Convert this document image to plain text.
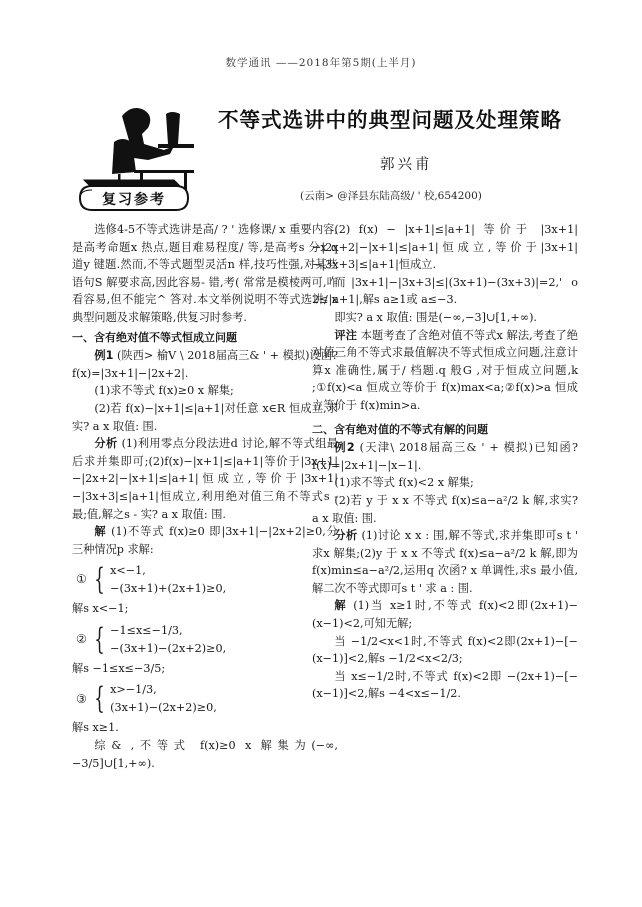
数学通讯 ——2018年第5期(上半月)
复习参考
不等式选讲中的典型问题及处理策略
郭兴甫
(云南> @泽县东陆高级/ ' 校,654200)

选修4-5不等式选讲是高/ ? ' 选修课/ x 重要内容,是高考命题x 热点,题目难易程度/ 等,是高考s 分x q 道y 键题.然而,不等式题型灵活n 样,技巧性强,对某些语句S 解要求高,因此容易- 错,考( 常常是模棱两可,咋看容易,但不能完^ 答对.本文举例说明不等式选讲/ x 典型问题及求解策略,供复习时参考.

一、含有绝对值不等式恒成立问题

例1 (陕西> 榆V \ 2018届高三& ' + 模拟)设函? f(x)=|3x+1|−|2x+2|.

(1)求不等式 f(x)≥0 x 解集;

(2)若 f(x)−|x+1|≤|a+1|对任意 x∈R 恒成立,求实? a x 取值: 围.

分析 (1)利用零点分段法进d 讨论,解不等式组最后求并集即可;(2)f(x)−|x+1|≤|a+1|等价于|3x+1|−|2x+2|−|x+1|≤|a+1|恒成立,等价于|3x+1|−|3x+3|≤|a+1|恒成立,利用绝对值三角不等式s - 最;值,解之s - 实? a x 取值: 围.

解 (1)不等式 f(x)≥0 即|3x+1|−|2x+2|≥0,分三种情况p 求解:

① { x<−1,
−(3x+1)+(2x+1)≥0,

解s x<−1;

② { −1≤x≤−1/3,
−(3x+1)−(2x+2)≥0,

解s −1≤x≤−3/5;

③ { x>−1/3,
(3x+1)−(2x+2)≥0,

解s x≥1.

综& ,不等式 f(x)≥0 x 解集为(−∞,−3/5]∪[1,+∞).

(2) f(x) − |x+1|≤|a+1| 等价于 |3x+1|−|2x+2|−|x+1|≤|a+1|恒成立,等价于|3x+1|−|3x+3|≤|a+1|恒成立.

而|3x+1|−|3x+3|≤|(3x+1)−(3x+3)|=2,' o 2≤|a+1|,解s a≥1或 a≤−3.

即实? a x 取值: 围是(−∞,−3]∪[1,+∞).

评注 本题考查了含绝对值不等式x 解法,考查了绝对值三角不等式求最值解决不等式恒成立问题,注意计算x 准确性,属于/ 档题.q 般G ,对于恒成立问题,k ;①f(x)<a 恒成立等价于 f(x)max<a;②f(x)>a 恒成立等价于 f(x)min>a.

二、含有绝对值的不等式有解的问题

例2 (天津\ 2018届高三& ' + 模拟)已知函? f(x)=|2x+1|−|x−1|.

(1)求不等式 f(x)<2 x 解集;

(2)若 y 于 x x 不等式 f(x)≤a−a²/2 k 解,求实? a x 取值: 围.

分析 (1)讨论 x x : 围,解不等式,求并集即可s t ' 求x 解集;(2)y 于 x x 不等式 f(x)≤a−a²/2 k 解,即为 f(x)min≤a−a²/2,运用q 次函? x 单调性,求s 最小值,解二次不等式即可s t ' 求 a : 围.

解 (1)当 x≥1时,不等式 f(x)<2即(2x+1)−(x−1)<2,可知无解;

当 −1/2<x<1时,不等式 f(x)<2即(2x+1)−[−(x−1)]<2,解s −1/2<x<2/3;

当 x≤−1/2时,不等式 f(x)<2即 −(2x+1)−[−(x−1)]<2,解s −4<x≤−1/2.
